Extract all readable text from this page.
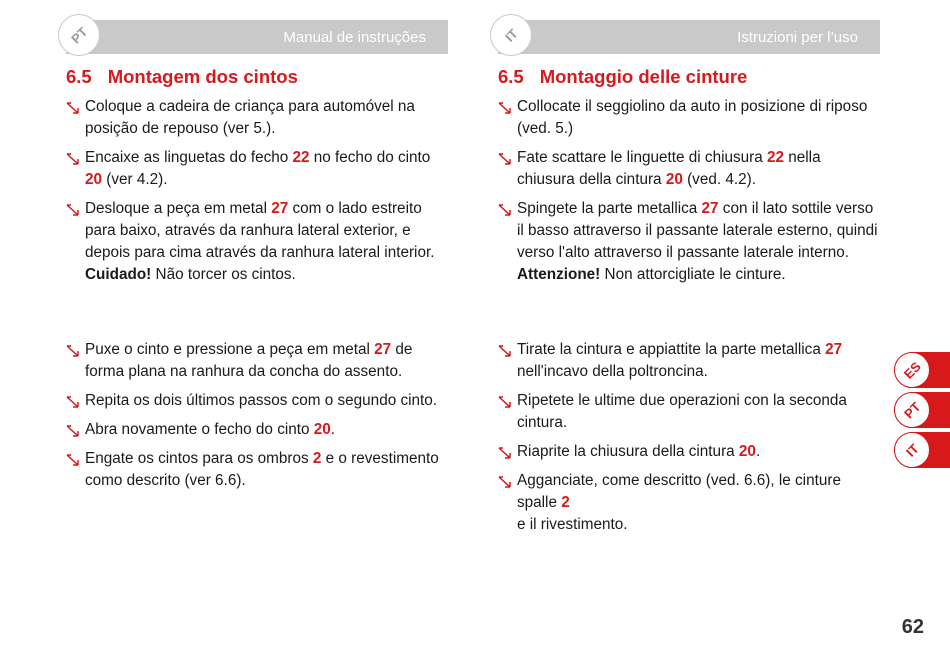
PT	Manual de instruções
6.5 Montagem dos cintos
Coloque a cadeira de criança para automóvel na posição de repouso (ver 5.).
Encaixe as linguetas do fecho 22 no fecho do cinto 20 (ver 4.2).
Desloque a peça em metal 27 com o lado estreito para baixo, através da ranhura lateral exterior, e depois para cima através da ranhura lateral interior.
Cuidado! Não torcer os cintos.
Puxe o cinto e pressione a peça em metal 27 de forma plana na ranhura da concha do assento.
Repita os dois últimos passos com o segundo cinto.
Abra novamente o fecho do cinto 20.
Engate os cintos para os ombros 2 e o revestimento como descrito (ver 6.6).
IT	Istruzioni per l’uso
6.5 Montaggio delle cinture
Collocate il seggiolino da auto in posizione di riposo (ved. 5.)
Fate scattare le linguette di chiusura 22 nella chiusura della cintura 20 (ved. 4.2).
Spingete la parte metallica 27 con il lato sottile verso il basso attraverso il passante laterale esterno, quindi verso l'alto attraverso il passante laterale interno.
Attenzione! Non attorcigliate le cinture.
Tirate la cintura e appiattite la parte metallica 27 nell'incavo della poltroncina.
Ripetete le ultime due operazioni con la seconda cintura.
Riaprite la chiusura della cintura 20.
Agganciate, come descritto (ved. 6.6), le cinture spalle 2
e il rivestimento.
ES
PT
IT
62
